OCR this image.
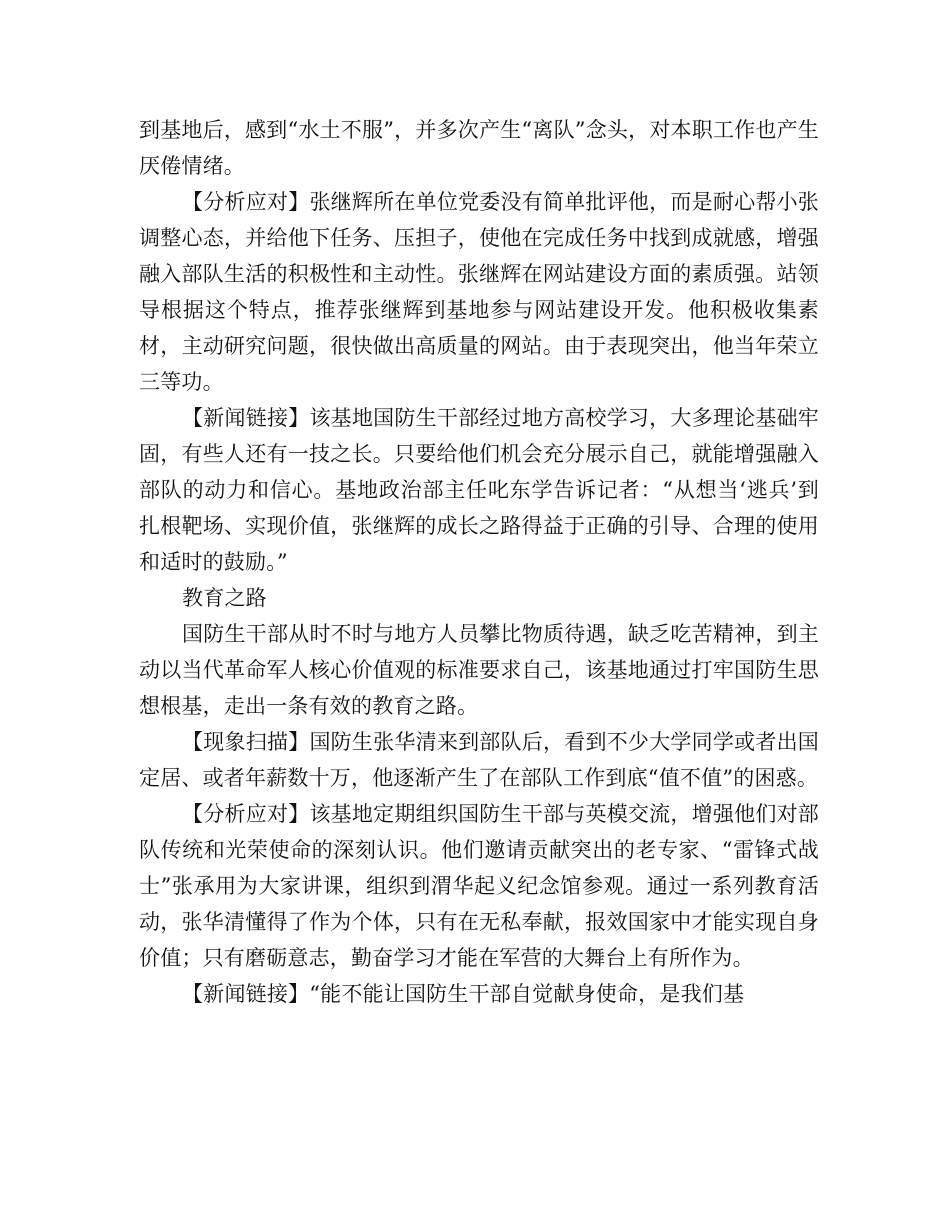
到基地后，感到“水土不服”，并多次产生“离队”念头，对本职工作也产生厌倦情绪。

【分析应对】张继辉所在单位党委没有简单批评他，而是耐心帮小张调整心态，并给他下任务、压担子，使他在完成任务中找到成就感，增强融入部队生活的积极性和主动性。张继辉在网站建设方面的素质强。站领导根据这个特点，推荐张继辉到基地参与网站建设开发。他积极收集素材，主动研究问题，很快做出高质量的网站。由于表现突出，他当年荣立三等功。

【新闻链接】该基地国防生干部经过地方高校学习，大多理论基础牢固，有些人还有一技之长。只要给他们机会充分展示自己，就能增强融入部队的动力和信心。基地政治部主任叱东学告诉记者：“从想当‘逃兵’到扎根靶场、实现价值，张继辉的成长之路得益于正确的引导、合理的使用和适时的鼓励。”

教育之路

国防生干部从时不时与地方人员攀比物质待遇，缺乏吃苦精神，到主动以当代革命军人核心价值观的标准要求自己，该基地通过打牢国防生思想根基，走出一条有效的教育之路。

【现象扫描】国防生张华清来到部队后，看到不少大学同学或者出国定居、或者年薪数十万，他逐渐产生了在部队工作到底“值不值”的困惑。

【分析应对】该基地定期组织国防生干部与英模交流，增强他们对部队传统和光荣使命的深刻认识。他们邀请贡献突出的老专家、“雷锋式战士”张承用为大家讲课，组织到渭华起义纪念馆参观。通过一系列教育活动，张华清懂得了作为个体，只有在无私奉献，报效国家中才能实现自身价值；只有磨砺意志，勤奋学习才能在军营的大舞台上有所作为。

【新闻链接】“能不能让国防生干部自觉献身使命，是我们基
